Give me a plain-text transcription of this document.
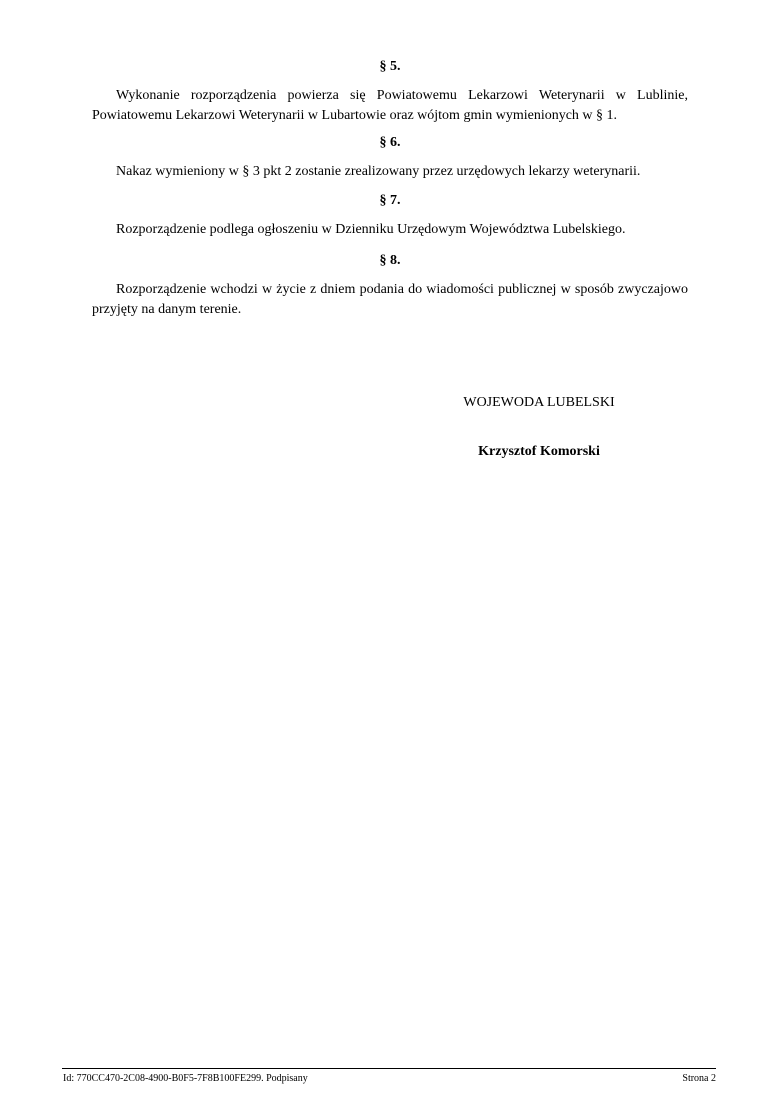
§ 5.

Wykonanie rozporządzenia powierza się Powiatowemu Lekarzowi Weterynarii w Lublinie, Powiatowemu Lekarzowi Weterynarii w Lubartowie oraz wójtom gmin wymienionych w § 1.

§ 6.

Nakaz wymieniony w § 3 pkt 2 zostanie zrealizowany przez urzędowych lekarzy weterynarii.

§ 7.

Rozporządzenie podlega ogłoszeniu w Dzienniku Urzędowym Województwa Lubelskiego.

§ 8.

Rozporządzenie wchodzi w życie z dniem podania do wiadomości publicznej w sposób zwyczajowo przyjęty na danym terenie.

WOJEWODA LUBELSKI
Krzysztof Komorski
Id: 770CC470-2C08-4900-B0F5-7F8B100FE299. Podpisany	Strona 2
